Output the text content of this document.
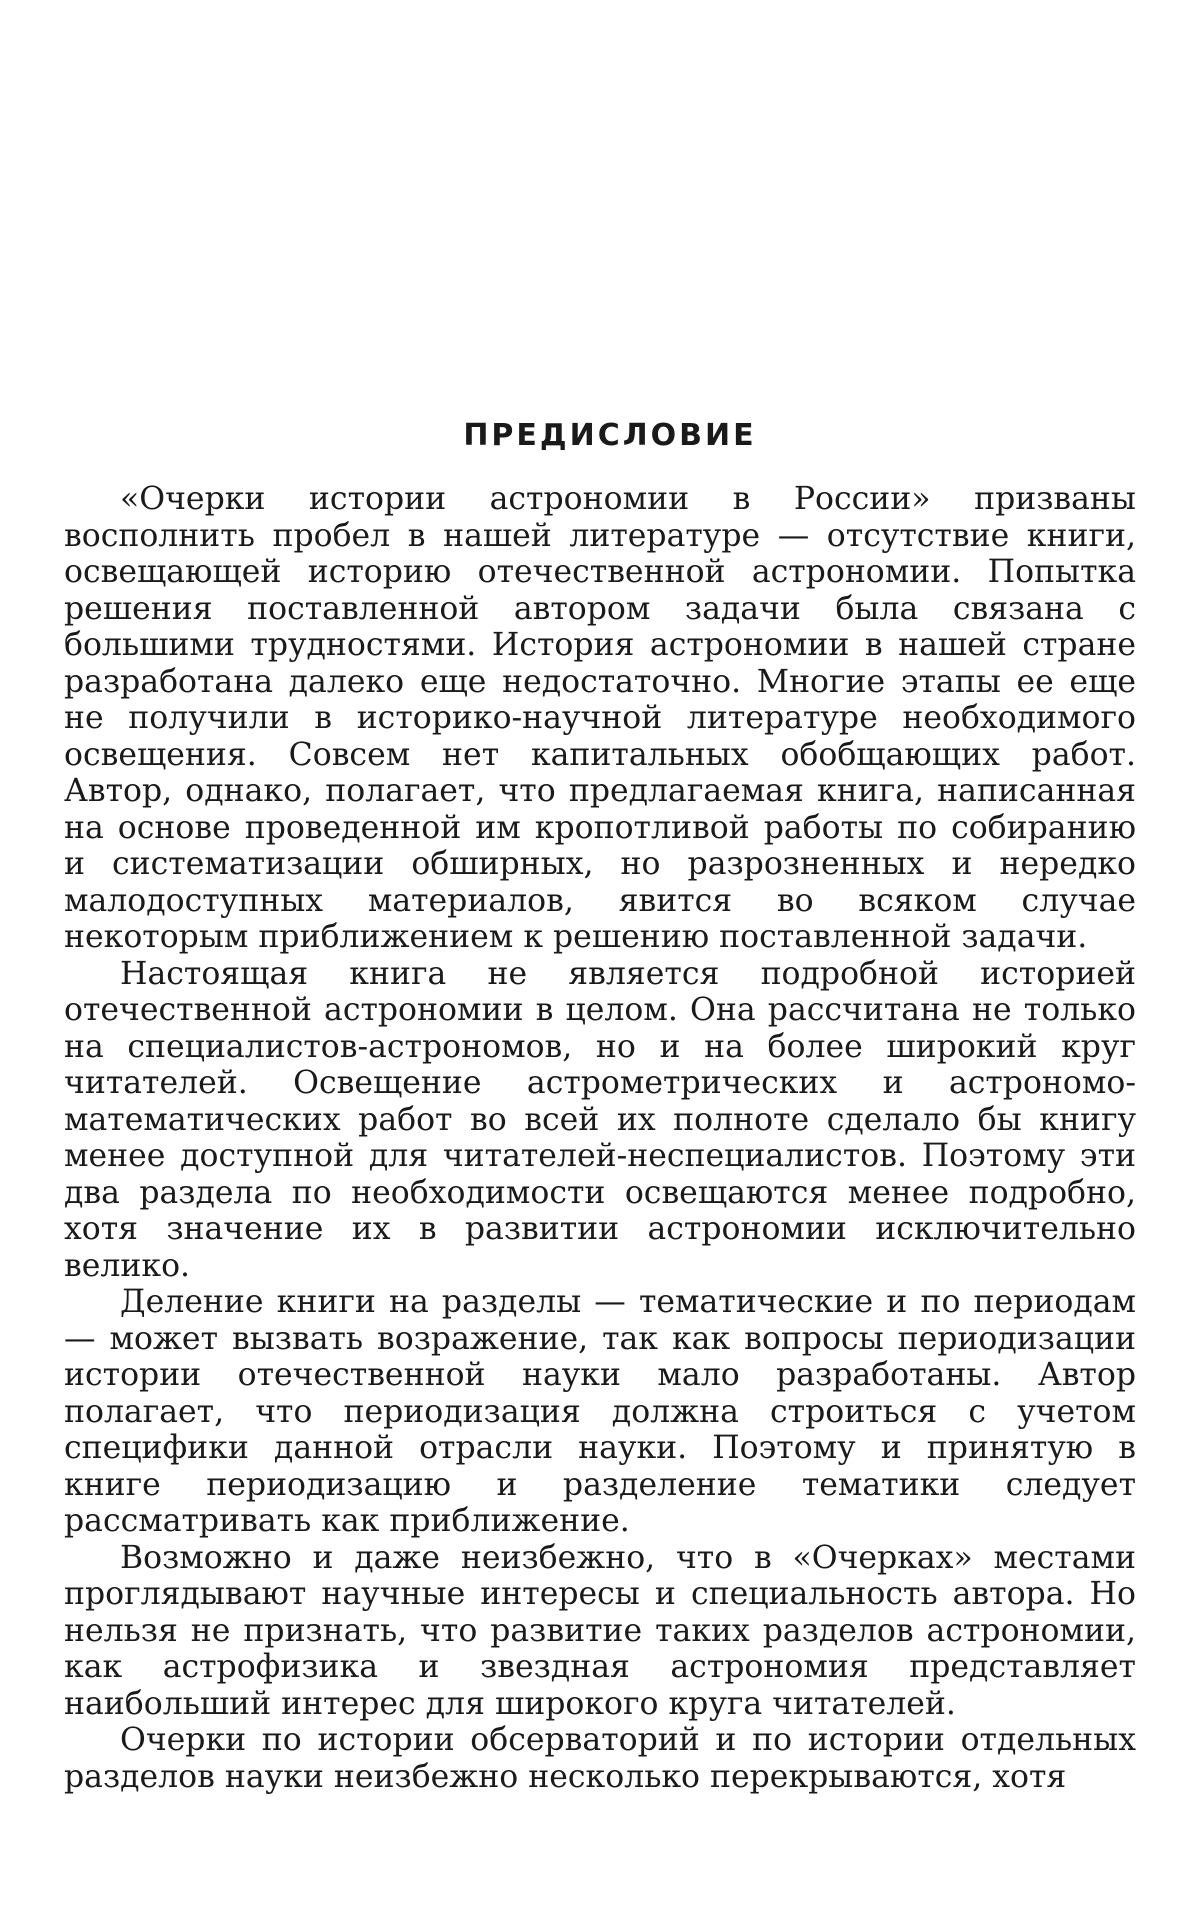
ПРЕДИСЛОВИЕ

«Очерки истории астрономии в России» призваны восполнить пробел в нашей литературе — отсутствие книги, освещающей историю отечественной астрономии. Попытка решения поставленной автором задачи была связана с большими трудностями. История астрономии в нашей стране разработана далеко еще недостаточно. Многие этапы ее еще не получили в историко-научной литературе необходимого освещения. Совсем нет капитальных обобщающих работ. Автор, однако, полагает, что предлагаемая книга, написанная на основе проведенной им кропотливой работы по собиранию и систематизации обширных, но разрозненных и нередко малодоступных материалов, явится во всяком случае некоторым приближением к решению поставленной задачи.

Настоящая книга не является подробной историей отечественной астрономии в целом. Она рассчитана не только на специалистов-астрономов, но и на более широкий круг читателей. Освещение астрометрических и астрономо-математических работ во всей их полноте сделало бы книгу менее доступной для читателей-неспециалистов. Поэтому эти два раздела по необходимости освещаются менее подробно, хотя значение их в развитии астрономии исключительно велико.

Деление книги на разделы — тематические и по периодам — может вызвать возражение, так как вопросы периодизации истории отечественной науки мало разработаны. Автор полагает, что периодизация должна строиться с учетом специфики данной отрасли науки. Поэтому и принятую в книге периодизацию и разделение тематики следует рассматривать как приближение.

Возможно и даже неизбежно, что в «Очерках» местами проглядывают научные интересы и специальность автора. Но нельзя не признать, что развитие таких разделов астрономии, как астрофизика и звездная астрономия представляет наибольший интерес для широкого круга читателей.

Очерки по истории обсерваторий и по истории отдельных разделов науки неизбежно несколько перекрываются, хотя
